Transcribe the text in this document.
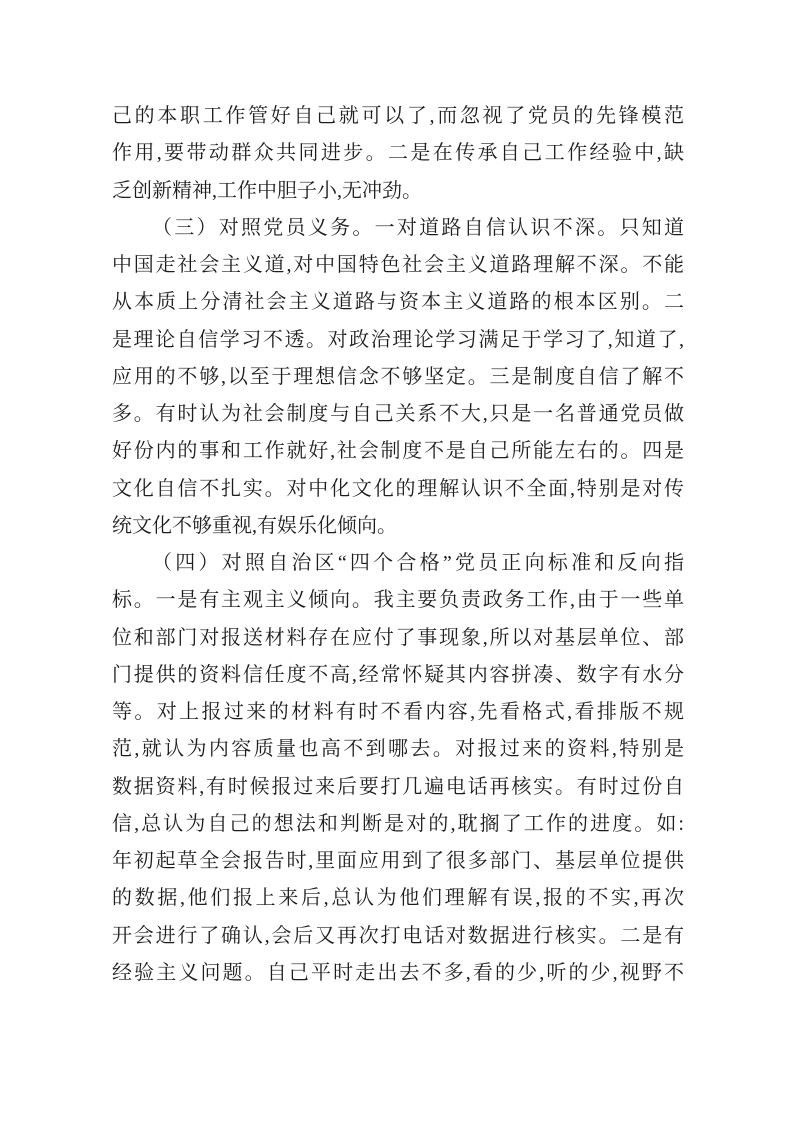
己的本职工作管好自己就可以了,而忽视了党员的先锋模范
作用,要带动群众共同进步。二是在传承自己工作经验中,缺
乏创新精神,工作中胆子小,无冲劲。
（三）对照党员义务。一对道路自信认识不深。只知道
中国走社会主义道,对中国特色社会主义道路理解不深。不能
从本质上分清社会主义道路与资本主义道路的根本区别。二
是理论自信学习不透。对政治理论学习满足于学习了,知道了,
应用的不够,以至于理想信念不够坚定。三是制度自信了解不
多。有时认为社会制度与自己关系不大,只是一名普通党员做
好份内的事和工作就好,社会制度不是自己所能左右的。四是
文化自信不扎实。对中化文化的理解认识不全面,特别是对传
统文化不够重视,有娱乐化倾向。
（四）对照自治区“四个合格”党员正向标准和反向指
标。一是有主观主义倾向。我主要负责政务工作,由于一些单
位和部门对报送材料存在应付了事现象,所以对基层单位、部
门提供的资料信任度不高,经常怀疑其内容拼凑、数字有水分
等。对上报过来的材料有时不看内容,先看格式,看排版不规
范,就认为内容质量也高不到哪去。对报过来的资料,特别是
数据资料,有时候报过来后要打几遍电话再核实。有时过份自
信,总认为自己的想法和判断是对的,耽搁了工作的进度。如:
年初起草全会报告时,里面应用到了很多部门、基层单位提供
的数据,他们报上来后,总认为他们理解有误,报的不实,再次
开会进行了确认,会后又再次打电话对数据进行核实。二是有
经验主义问题。自己平时走出去不多,看的少,听的少,视野不
